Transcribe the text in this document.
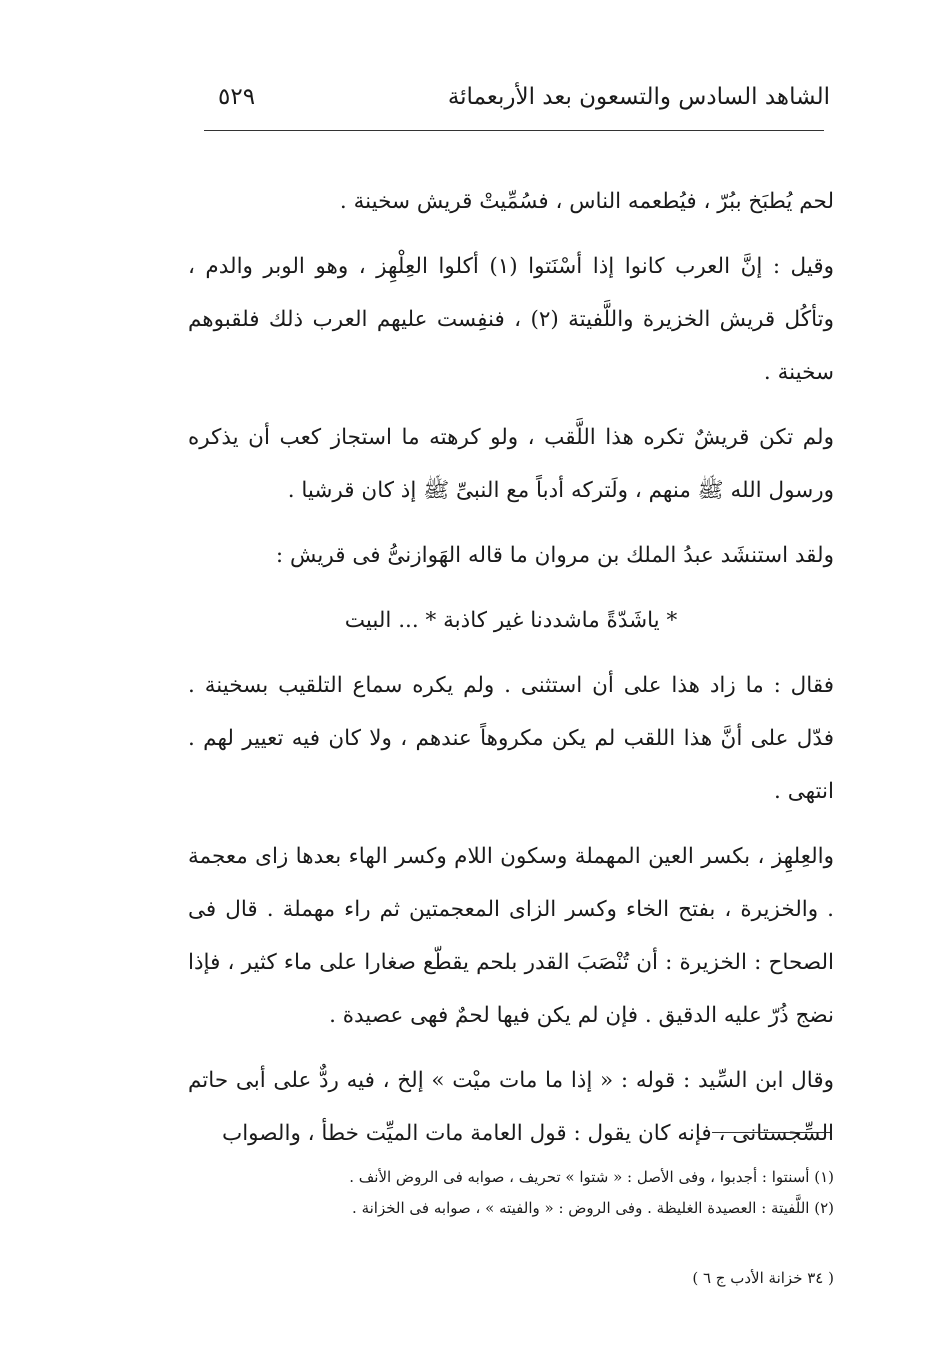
الشاهد السادس والتسعون بعد الأربعمائة
٥٢٩

لحم يُطبَخ ببُرّ ، فيُطعمه الناس ، فسُمِّيتْ قريش سخينة .

وقيل : إنَّ العرب كانوا إذا أسْنَتوا (١) أكلوا العِلْهِز ، وهو الوبر والدم ، وتأكُل قريش الخزيرة واللَّفيتة (٢) ، فنفِست عليهم العرب ذلك فلقبوهم سخينة .

ولم تكن قريشٌ تكره هذا اللَّقب ، ولو كرهته ما استجاز كعب أن يذكره ورسول الله ﷺ منهم ، ولَتركه أدباً مع النبىِّ ﷺ إذ كان قرشيا .

ولقد استنشَد عبدُ الملك بن مروان ما قاله الهَوازنىُّ فى قريش :

* ياشَدّةً ماشددنا غير كاذبة * ... البيت

فقال : ما زاد هذا على أن استثنى . ولم يكره سماع التلقيب بسخينة . فدّل على أنَّ هذا اللقب لم يكن مكروهاً عندهم ، ولا كان فيه تعيير لهم . انتهى .

والعِلهِز ، بكسر العين المهملة وسكون اللام وكسر الهاء بعدها زاى معجمة . والخزيرة ، بفتح الخاء وكسر الزاى المعجمتين ثم راء مهملة . قال فى الصحاح : الخزيرة : أن تُنْصَبَ القدر بلحم يقطّع صغارا على ماء كثير ، فإذا نضج ذُرّ عليه الدقيق . فإن لم يكن فيها لحمٌ فهى عصيدة .

وقال ابن السِّيد : قوله : « إذا ما مات ميْت » إلخ ، فيه ردٌّ على أبى حاتم السِّجستانى ، فإنه كان يقول : قول العامة مات الميِّت خطأ ، والصواب

(١) أسنتوا : أجدبوا ، وفى الأصل : « شتوا » تحريف ، صوابه فى الروض الأنف .

(٢) اللَّفيتة : العصيدة الغليظة . وفى الروض : « والفيته » ، صوابه فى الخزانة .

( ٣٤ خزانة الأدب ج ٦ )
